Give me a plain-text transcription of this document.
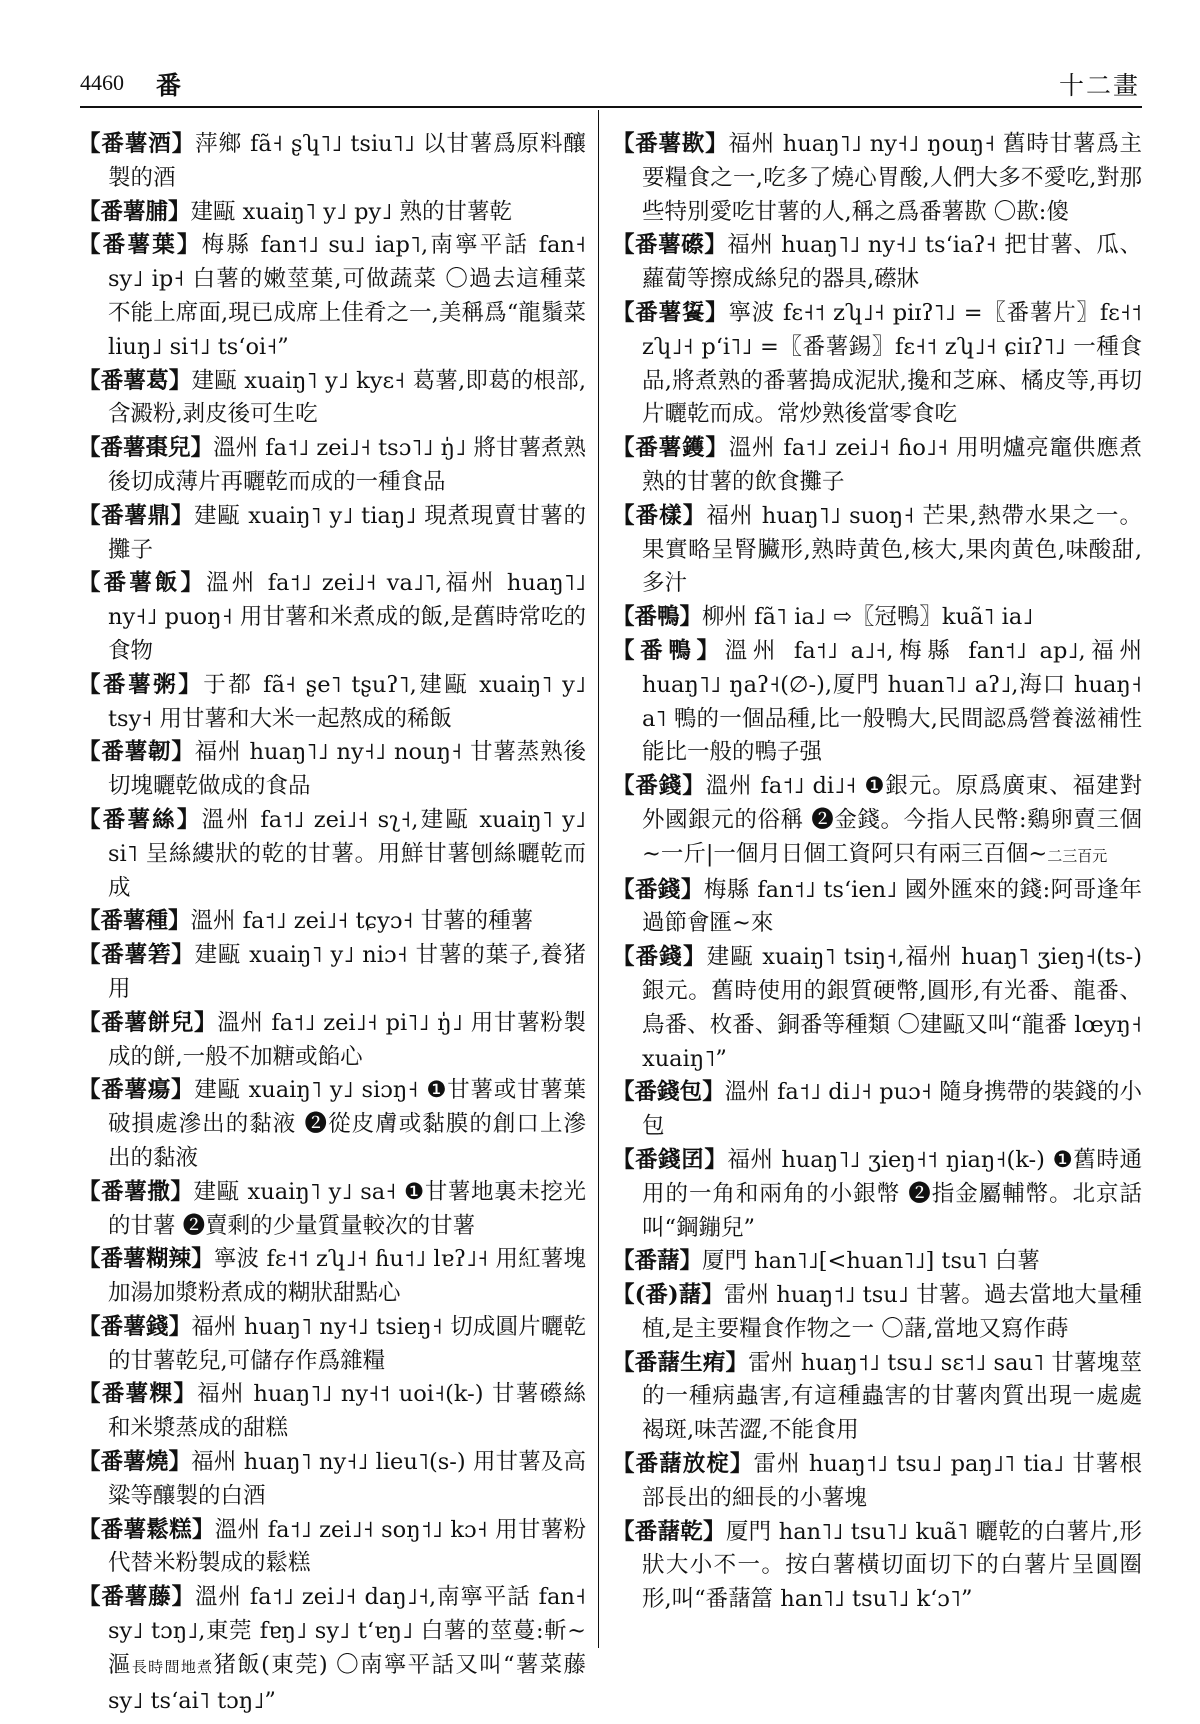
4460 番	十二畫
【番薯酒】萍鄉 fã˧ ʂʮ˥˩ tsiu˥˩ 以甘薯爲原料釀製的酒
【番薯脯】建甌 xuaiŋ˥ y˩ py˩ 熟的甘薯乾
【番薯葉】梅縣 fan˦˩ su˩ iap˥,南寧平話 fan˧ sy˩ ip˧ 白薯的嫩莖葉,可做蔬菜 〇過去這種菜不能上席面,現已成席上佳肴之一,美稱爲“龍鬚菜 liuŋ˩ si˦˩ tsʻoi˧”
【番薯葛】建甌 xuaiŋ˥ y˩ kyɛ˧ 葛薯,即葛的根部,含澱粉,剥皮後可生吃
【番薯棗兒】溫州 fa˦˩ zei˩˧ tsɔ˥˩ ŋ̍˩ 將甘薯煮熟後切成薄片再曬乾而成的一種食品
【番薯鼎】建甌 xuaiŋ˥ y˩ tiaŋ˩ 現煮現賣甘薯的攤子
【番薯飯】溫州 fa˦˩ zei˩˧ va˩˥,福州 huaŋ˥˩ ny˧˩ puoŋ˧ 用甘薯和米煮成的飯,是舊時常吃的食物
【番薯粥】于都 fã˧ ʂe˥ tʂuʔ˥,建甌 xuaiŋ˥ y˩ tsy˧ 用甘薯和大米一起熬成的稀飯
【番薯韌】福州 huaŋ˥˩ ny˧˩ nouŋ˧ 甘薯蒸熟後切塊曬乾做成的食品
【番薯絲】溫州 fa˦˩ zei˩˧ sʅ˧,建甌 xuaiŋ˥ y˩ si˥ 呈絲縷狀的乾的甘薯。用鮮甘薯刨絲曬乾而成
【番薯種】溫州 fa˦˩ zei˩˧ tɕyɔ˧ 甘薯的種薯
【番薯箬】建甌 xuaiŋ˥ y˩ niɔ˧ 甘薯的葉子,養猪用
【番薯餅兒】溫州 fa˦˩ zei˩˧ pi˥˩ ŋ̍˩ 用甘薯粉製成的餅,一般不加糖或餡心
【番薯瘍】建甌 xuaiŋ˥ y˩ siɔŋ˧ ❶甘薯或甘薯葉破損處滲出的黏液 ❷從皮膚或黏膜的創口上滲出的黏液
【番薯撒】建甌 xuaiŋ˥ y˩ sa˧ ❶甘薯地裏未挖光的甘薯 ❷賣剩的少量質量較次的甘薯
【番薯糊辣】寧波 fɛ˧˦ zʮ˩˧ ɦu˦˩ lɐʔ˩˧ 用紅薯塊加湯加漿粉煮成的糊狀甜點心
【番薯錢】福州 huaŋ˥ ny˧˩ tsieŋ˧ 切成圓片曬乾的甘薯乾兒,可儲存作爲雜糧
【番薯粿】福州 huaŋ˥˩ ny˧˦ uoi˧(k-) 甘薯礤絲和米漿蒸成的甜糕
【番薯燒】福州 huaŋ˥ ny˧˩ lieu˥(s-) 用甘薯及高粱等釀製的白酒
【番薯鬆糕】溫州 fa˦˩ zei˩˧ soŋ˦˩ kɔ˧ 用甘薯粉代替米粉製成的鬆糕
【番薯藤】溫州 fa˦˩ zei˩˧ daŋ˩˧,南寧平話 fan˧ sy˩ tɔŋ˩,東莞 fɐŋ˩ sy˩ tʻɐŋ˩ 白薯的莖蔓:斬~漚長時間地煮猪飯(東莞) 〇南寧平話又叫“薯菜藤 sy˩ tsʻai˥ tɔŋ˩”
【番薯歁】福州 huaŋ˥˩ ny˧˩ ŋouŋ˧ 舊時甘薯爲主要糧食之一,吃多了燒心胃酸,人們大多不愛吃,對那些特別愛吃甘薯的人,稱之爲番薯歁 〇歁:傻
【番薯礤】福州 huaŋ˥˩ ny˧˩ tsʻiaʔ˧ 把甘薯、瓜、蘿蔔等擦成絲兒的器具,礤牀
【番薯𩜾】寧波 fɛ˧˦ zʮ˩˧ piɪʔ˥˩ =〖番薯片〗fɛ˧˦ zʮ˩˧ pʻi˥˩ =〖番薯錫〗fɛ˧˦ zʮ˩˧ ɕiɪʔ˥˩ 一種食品,將煮熟的番薯搗成泥狀,攙和芝麻、橘皮等,再切片曬乾而成。常炒熟後當零食吃
【番薯鑊】溫州 fa˦˩ zei˩˧ ɦo˩˧ 用明爐亮竈供應煮熟的甘薯的飲食攤子
【番樣】福州 huaŋ˥˩ suoŋ˧ 芒果,熱帶水果之一。果實略呈腎臟形,熟時黄色,核大,果肉黄色,味酸甜,多汁
【番鴨】柳州 fã˥ ia˩ ⇨〖冠鴨〗kuã˥ ia˩
【番鴨】溫州 fa˦˩ a˩˧,梅縣 fan˦˩ ap˩,福州 huaŋ˥˩ ŋaʔ˧(∅-),厦門 huan˥˩ aʔ˩,海口 huaŋ˧ a˥ 鴨的一個品種,比一般鴨大,民間認爲營養滋補性能比一般的鴨子强
【番錢】溫州 fa˦˩ di˩˧ ❶銀元。原爲廣東、福建對外國銀元的俗稱 ❷金錢。今指人民幣:鷄卵賣三個~一斤|一個月日個工資阿只有兩三百個~二三百元
【番錢】梅縣 fan˦˩ tsʻien˩ 國外匯來的錢:阿哥逢年過節會匯~來
【番錢】建甌 xuaiŋ˥ tsiŋ˧,福州 huaŋ˥ ʒieŋ˧(ts-) 銀元。舊時使用的銀質硬幣,圓形,有光番、龍番、鳥番、枚番、銅番等種類 〇建甌又叫“龍番 lœyŋ˧ xuaiŋ˥”
【番錢包】溫州 fa˦˩ di˩˧ puɔ˧ 隨身携帶的裝錢的小包
【番錢囝】福州 huaŋ˥˩ ʒieŋ˧˦ ŋiaŋ˧(k-) ❶舊時通用的一角和兩角的小銀幣 ❷指金屬輔幣。北京話叫“鋼鏰兒”
【番藷】厦門 han˥˩[<huan˥˩] tsu˥ 白薯
【(番)藷】雷州 huaŋ˦˩ tsu˩ 甘薯。過去當地大量種植,是主要糧食作物之一 〇藷,當地又寫作蒔
【番藷生痏】雷州 huaŋ˦˩ tsu˩ sɛ˦˩ sau˥ 甘薯塊莖的一種病蟲害,有這種蟲害的甘薯肉質出現一處處褐斑,味苦澀,不能食用
【番藷放椗】雷州 huaŋ˦˩ tsu˩ paŋ˩˥ tia˩ 甘薯根部長出的細長的小薯塊
【番藷乾】厦門 han˥˩ tsu˥˩ kuã˥ 曬乾的白薯片,形狀大小不一。按白薯橫切面切下的白薯片呈圓圈形,叫“番藷䈏 han˥˩ tsu˥˩ kʻɔ˥”
